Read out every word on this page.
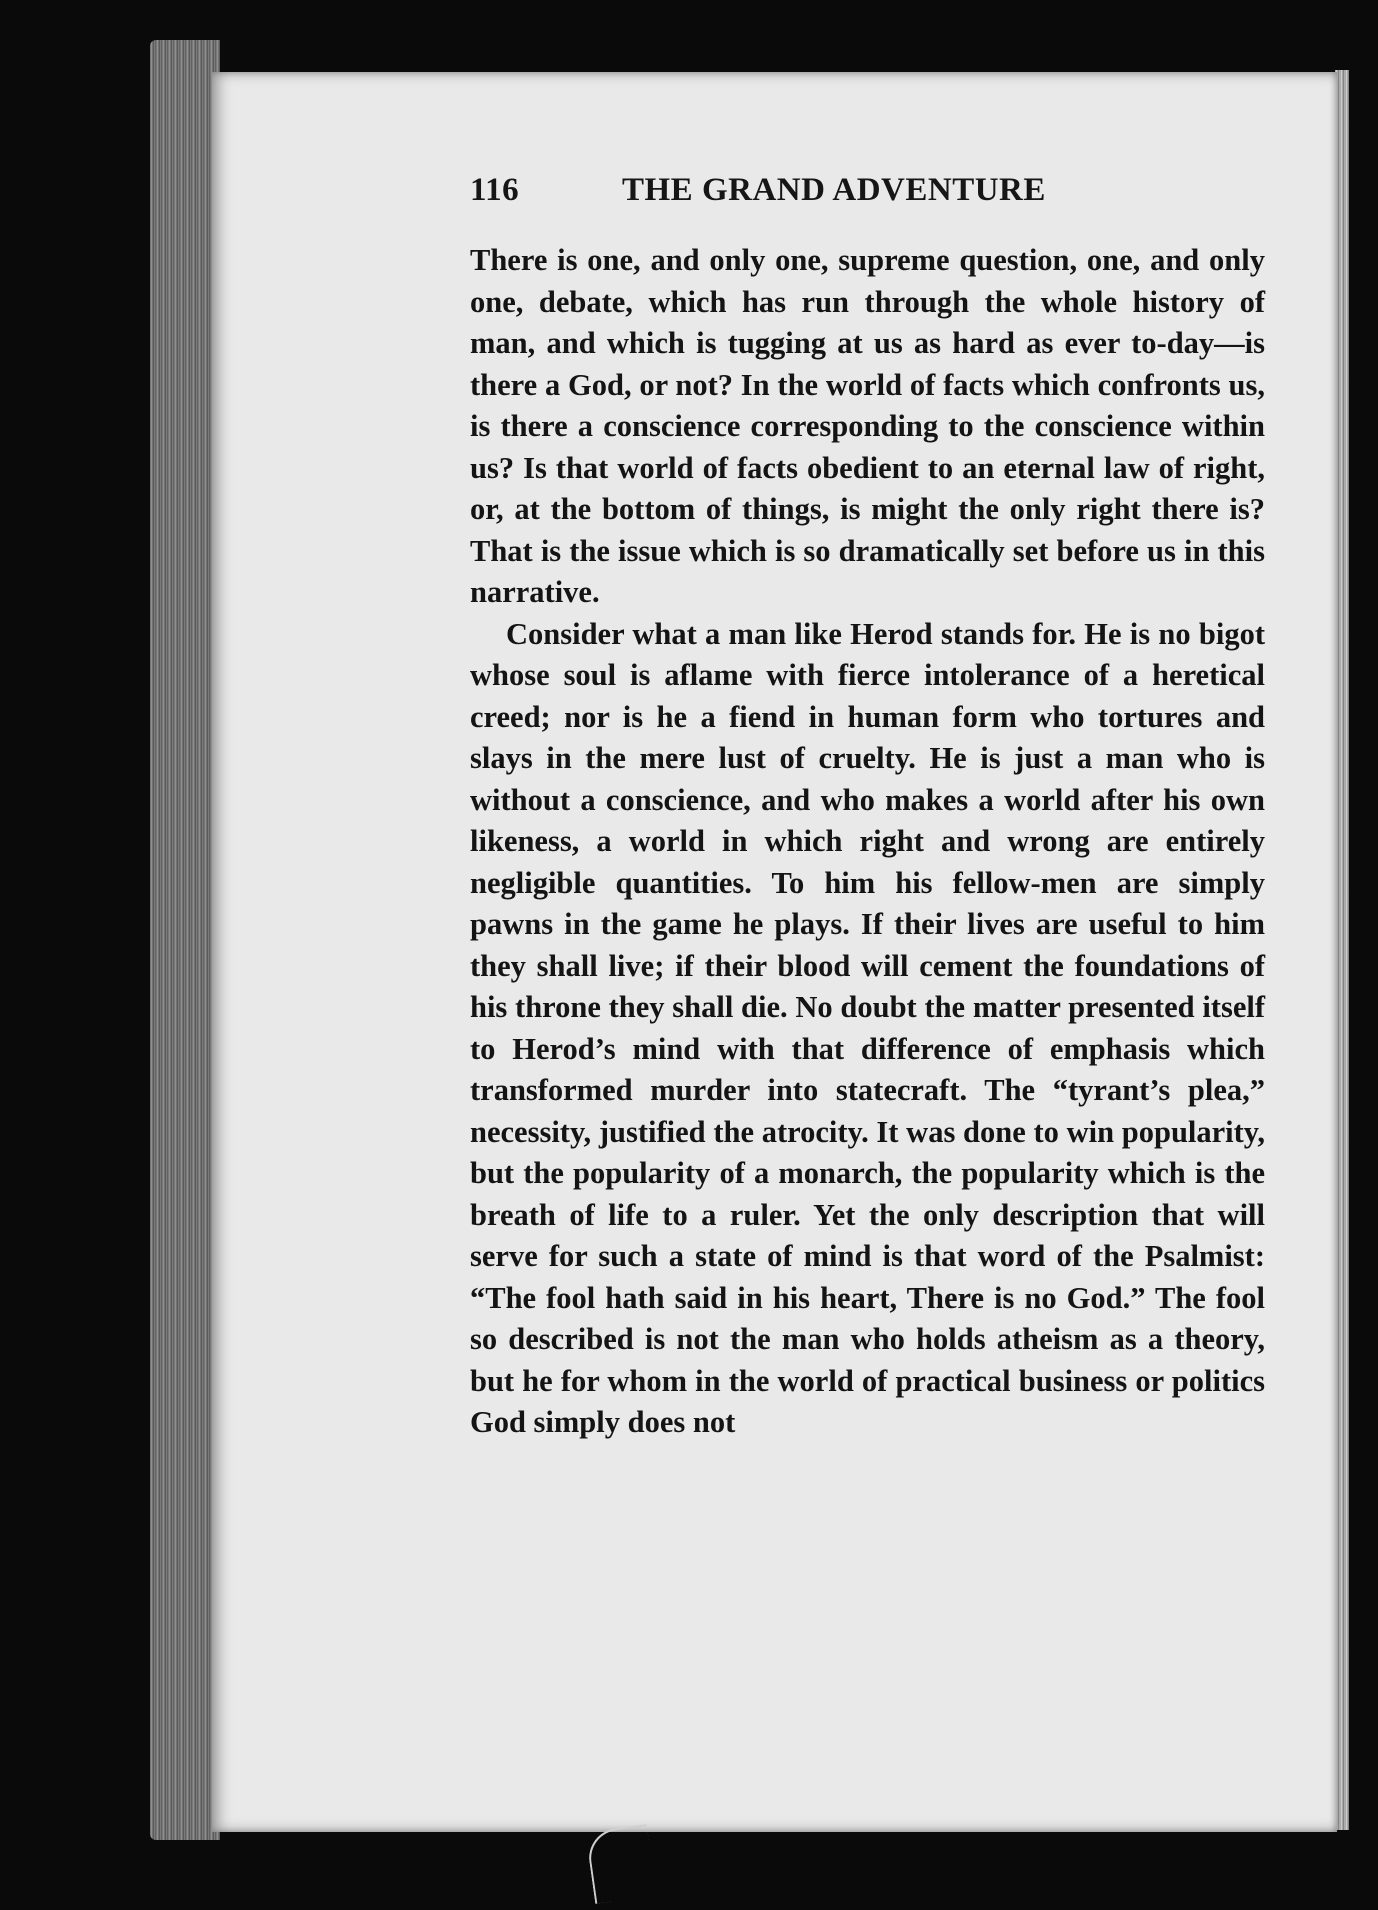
116	THE GRAND ADVENTURE

There is one, and only one, supreme question, one, and only one, debate, which has run through the whole history of man, and which is tugging at us as hard as ever to-day—is there a God, or not? In the world of facts which confronts us, is there a conscience corresponding to the conscience within us? Is that world of facts obedient to an eternal law of right, or, at the bottom of things, is might the only right there is? That is the issue which is so dramatically set before us in this narrative.

Consider what a man like Herod stands for. He is no bigot whose soul is aflame with fierce intolerance of a heretical creed; nor is he a fiend in human form who tortures and slays in the mere lust of cruelty. He is just a man who is without a conscience, and who makes a world after his own likeness, a world in which right and wrong are entirely negligible quantities. To him his fellow-men are simply pawns in the game he plays. If their lives are useful to him they shall live; if their blood will cement the foundations of his throne they shall die. No doubt the matter presented itself to Herod’s mind with that difference of emphasis which transformed murder into statecraft. The “tyrant’s plea,” necessity, justified the atrocity. It was done to win popularity, but the popularity of a monarch, the popularity which is the breath of life to a ruler. Yet the only description that will serve for such a state of mind is that word of the Psalmist: “The fool hath said in his heart, There is no God.” The fool so described is not the man who holds atheism as a theory, but he for whom in the world of practical business or politics God simply does not
